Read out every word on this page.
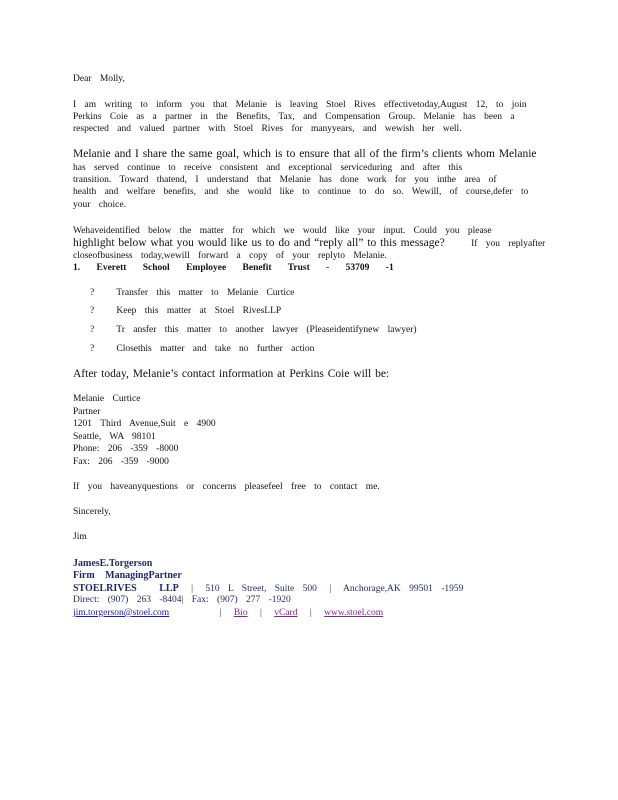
Dear Molly,
I am writing to inform you that Melanie is leaving Stoel Rives effectivetoday,August 12, to join
Perkins Coie as a partner in the Benefits, Tax, and Compensation Group. Melanie has been a
respected and valued partner with Stoel Rives for manyyears, and wewish her well.
Melanie and I share the same goal, which is to ensure that all of the firm’s clients whom Melanie
has served continue to receive consistent and exceptional serviceduring and after this
transition. Toward thatend, I understand that Melanie has done work for you inthe area of
health and welfare benefits, and she would like to continue to do so. Wewill, of course,defer to
your choice.
Wehaveidentified below the matter for which we would like your input. Could you please
highlight below what you would like us to do and “reply all” to this message?	If you replyafter
closeofbusiness today,wewill forward a copy of your replyto Melanie.
1. Everett School Employee Benefit Trust - 53709 -1
? Transfer this matter to Melanie Curtice
? Keep this matter at Stoel RivesLLP
? Tr ansfer this matter to another lawyer (Pleaseidentifynew lawyer)
? Closethis matter and take no further action
After today, Melanie’s contact information at Perkins Coie will be:
Melanie Curtice
Partner
1201 Third Avenue,Suit e 4900
Seattle, WA 98101
Phone: 206 -359 -8000
Fax: 206 -359 -9000
If you haveanyquestions or concerns pleasefeel free to contact me.
Sincerely,
Jim
JamesE.Torgerson
Firm ManagingPartner
STOELRIVES LLP | 510 L Street, Suite 500 | Anchorage,AK 99501 -1959
Direct: (907) 263 -8404| Fax: (907) 277 -1920
jim.torgerson@stoel.com	| Bio | vCard | www.stoel.com
